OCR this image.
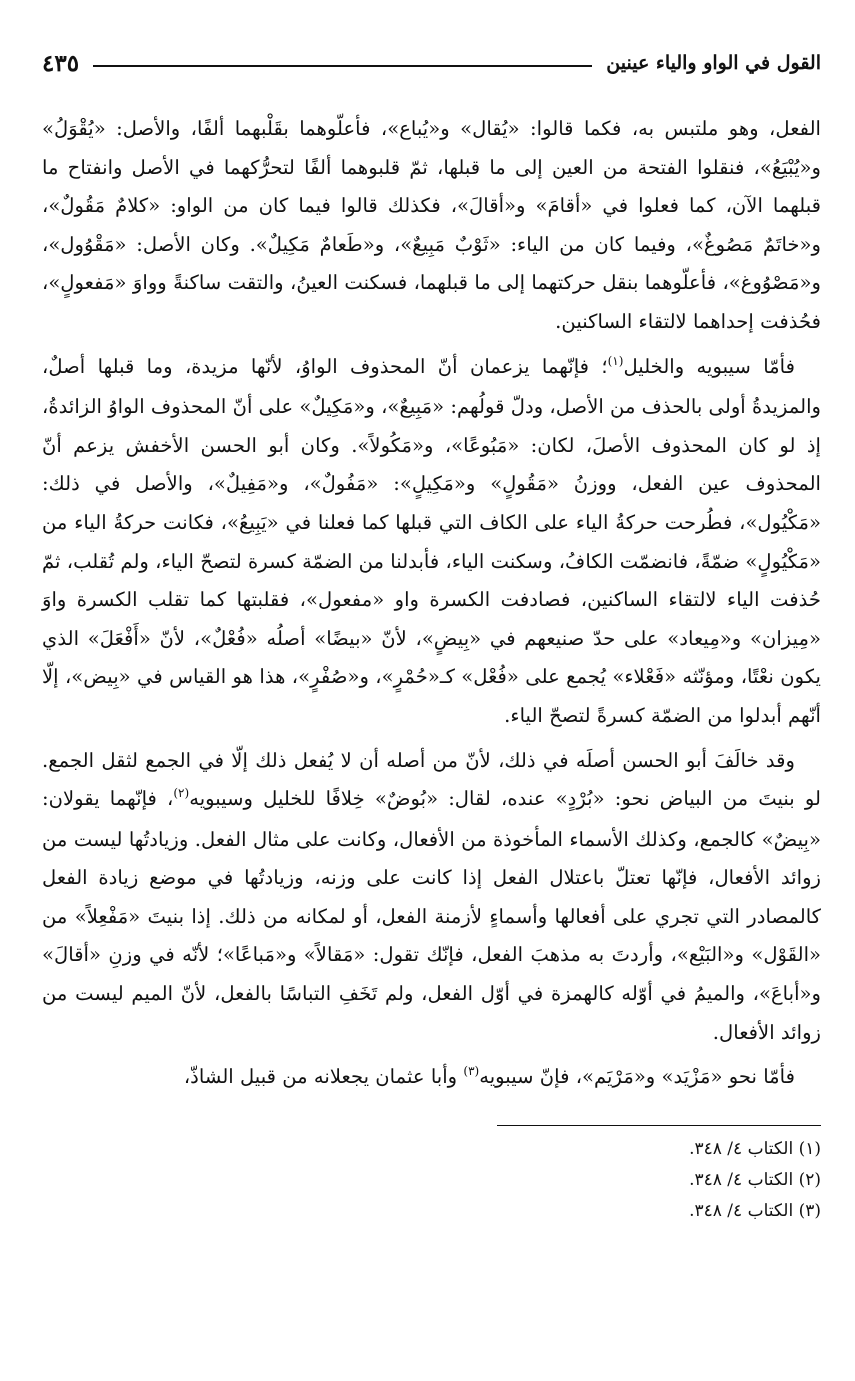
القول في الواو والياء عينين
٤٣٥

الفعل، وهو ملتبس به، فكما قالوا: «يُقال» و«يُباع»، فأعلّوهما بقَلْبهما ألفًا، والأصل: «يُقْوَلُ» و«يُبْيَعُ»، فنقلوا الفتحة من العين إلى ما قبلها، ثمّ قلبوهما ألفًا لتحرُّكهما في الأصل وانفتاح ما قبلهما الآن، كما فعلوا في «أقامَ» و«أقالَ»، فكذلك قالوا فيما كان من الواو: «كلامٌ مَقُولٌ»، و«خاتَمٌ مَصُوغٌ»، وفيما كان من الياء: «ثَوْبٌ مَبِيعٌ»، و«طَعامٌ مَكِيلٌ». وكان الأصل: «مَقْوُول»، و«مَصْوُوغ»، فأعلّوهما بنقل حركتهما إلى ما قبلهما، فسكنت العينُ، والتقت ساكنةً وواوَ «مَفعولٍ»، فحُذفت إحداهما لالتقاء الساكنين.

فأمّا سيبويه والخليل$^{(١)}$؛ فإنّهما يزعمان أنّ المحذوف الواوُ، لأنّها مزيدة، وما قبلها أصلٌ، والمزيدةُ أولى بالحذف من الأصل، ودلّ قولُهم: «مَبِيعٌ»، و«مَكِيلٌ» على أنّ المحذوف الواوُ الزائدةُ، إذ لو كان المحذوف الأصلَ، لكان: «مَبُوعًا»، و«مَكُولاً». وكان أبو الحسن الأخفش يزعم أنّ المحذوف عين الفعل، ووزنُ «مَقُولٍ» و«مَكِيلٍ»: «مَفُولٌ»، و«مَفِيلٌ»، والأصل في ذلك: «مَكْيُول»، فطُرحت حركةُ الياء على الكاف التي قبلها كما فعلنا في «يَبِيعُ»، فكانت حركةُ الياء من «مَكْيُولٍ» ضمّةً، فانضمّت الكافُ، وسكنت الياء، فأبدلنا من الضمّة كسرة لتصحّ الياء، ولم تُقلب، ثمّ حُذفت الياء لالتقاء الساكنين، فصادفت الكسرة واو «مفعول»، فقلبتها كما تقلب الكسرة واوَ «مِيزان» و«مِيعاد» على حدّ صنيعهم في «بِيضٍ»، لأنّ «بيضًا» أصلُه «فُعْلٌ»، لأنّ «أَفْعَلَ» الذي يكون نعْتًا، ومؤنّثه «فَعْلاء» يُجمع على «فُعْل» كـ«حُمْرٍ»، و«صُفْرٍ»، هذا هو القياس في «بِيض»، إلّا أنّهم أبدلوا من الضمّة كسرةً لتصحّ الياء.

وقد خالَفَ أبو الحسن أصلَه في ذلك، لأنّ من أصله أن لا يُفعل ذلك إلّا في الجمع لثقل الجمع. لو بنيتَ من البياض نحو: «بُرْدٍ» عنده، لقال: «بُوضٌ» خِلافًا للخليل وسيبويه$^{(٢)}$، فإنّهما يقولان: «بِيضٌ» كالجمع، وكذلك الأسماء المأخوذة من الأفعال، وكانت على مثال الفعل. وزيادتُها ليست من زوائد الأفعال، فإنّها تعتلّ باعتلال الفعل إذا كانت على وزنه، وزيادتُها في موضع زيادة الفعل كالمصادر التي تجري على أفعالها وأسماءٍ لأزمنة الفعل، أو لمكانه من ذلك. إذا بنيتَ «مَفْعِلاً» من «القَوْل» و«البَيْع»، وأردتَ به مذهبَ الفعل، فإنّك تقول: «مَقالاً» و«مَباعًا»؛ لأنّه في وزنِ «أقالَ» و«أباعَ»، والميمُ في أوّله كالهمزة في أوّل الفعل، ولم تَخَفِ التباسًا بالفعل، لأنّ الميم ليست من زوائد الأفعال.

فأمّا نحو «مَزْيَد» و«مَرْيَم»، فإنّ سيبويه$^{(٣)}$ وأبا عثمان يجعلانه من قبيل الشاذّ،

(١) الكتاب ٤/ ٣٤٨.

(٢) الكتاب ٤/ ٣٤٨.

(٣) الكتاب ٤/ ٣٤٨.
